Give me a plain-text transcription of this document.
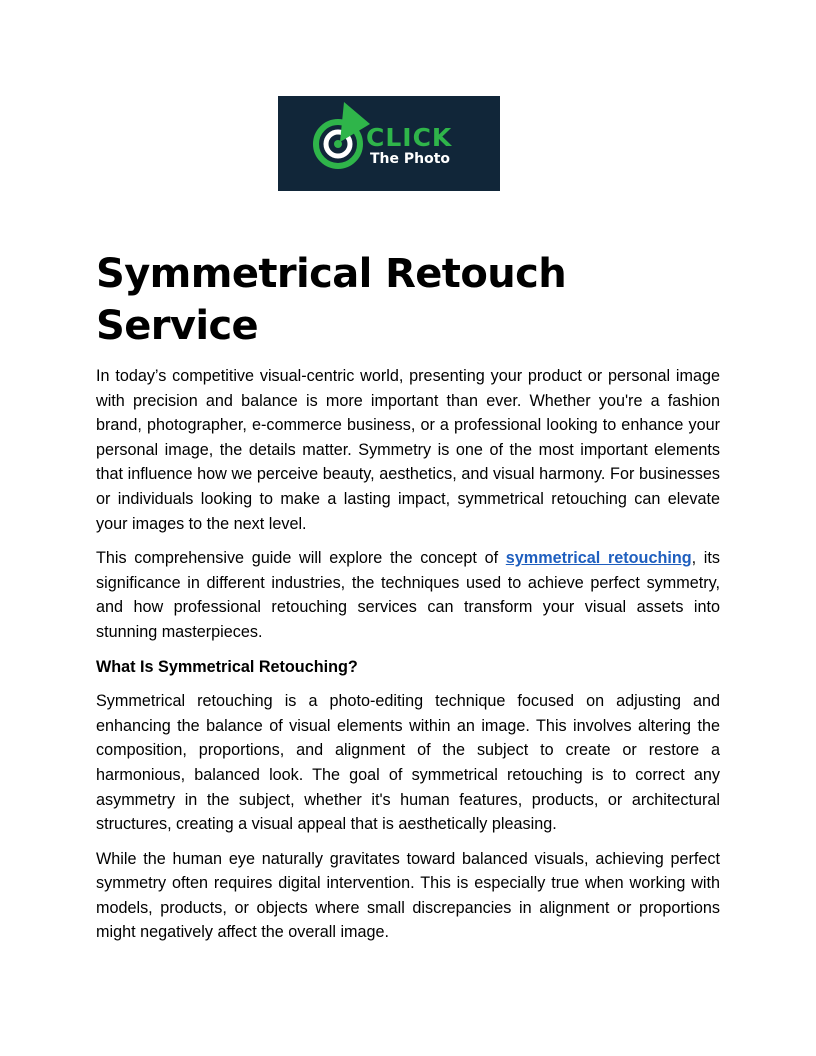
CLICK
The Photo
Symmetrical Retouch Service

In today’s competitive visual-centric world, presenting your product or personal image with precision and balance is more important than ever. Whether you're a fashion brand, photographer, e-commerce business, or a professional looking to enhance your personal image, the details matter. Symmetry is one of the most important elements that influence how we perceive beauty, aesthetics, and visual harmony. For businesses or individuals looking to make a lasting impact, symmetrical retouching can elevate your images to the next level.

This comprehensive guide will explore the concept of symmetrical retouching, its significance in different industries, the techniques used to achieve perfect symmetry, and how professional retouching services can transform your visual assets into stunning masterpieces.

What Is Symmetrical Retouching?

Symmetrical retouching is a photo-editing technique focused on adjusting and enhancing the balance of visual elements within an image. This involves altering the composition, proportions, and alignment of the subject to create or restore a harmonious, balanced look. The goal of symmetrical retouching is to correct any asymmetry in the subject, whether it's human features, products, or architectural structures, creating a visual appeal that is aesthetically pleasing.

While the human eye naturally gravitates toward balanced visuals, achieving perfect symmetry often requires digital intervention. This is especially true when working with models, products, or objects where small discrepancies in alignment or proportions might negatively affect the overall image.
